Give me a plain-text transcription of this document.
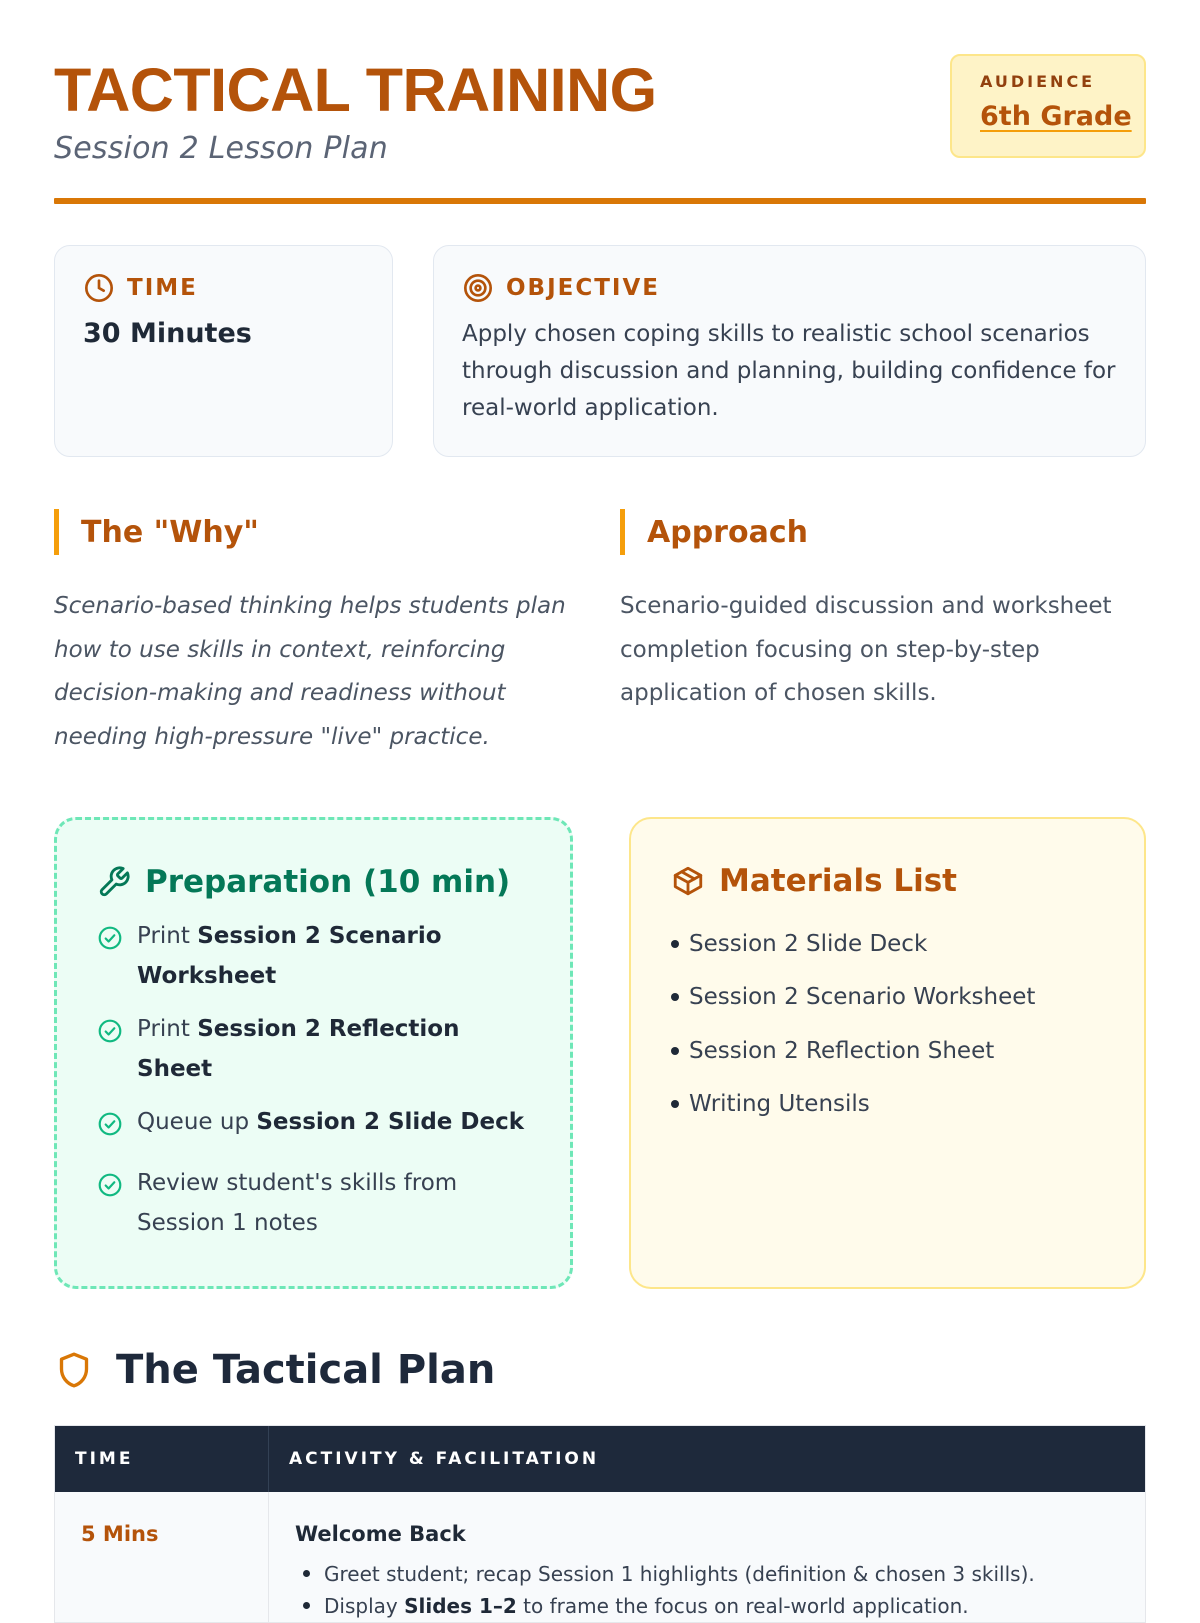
TACTICAL TRAINING
Session 2 Lesson Plan
AUDIENCE
6th Grade
TIME
30 Minutes
OBJECTIVE
Apply chosen coping skills to realistic school scenarios through discussion and planning, building confidence for real-world application.
The "Why"
Scenario-based thinking helps students plan how to use skills in context, reinforcing decision-making and readiness without needing high-pressure "live" practice.
Approach
Scenario-guided discussion and worksheet completion focusing on step-by-step application of chosen skills.
Preparation (10 min)
Print Session 2 Scenario Worksheet
Print Session 2 Reflection Sheet
Queue up Session 2 Slide Deck
Review student's skills from Session 1 notes
Materials List
Session 2 Slide Deck
Session 2 Scenario Worksheet
Session 2 Reflection Sheet
Writing Utensils
The Tactical Plan
TIME	ACTIVITY & FACILITATION
5 Mins	Welcome Back
Greet student; recap Session 1 highlights (definition & chosen 3 skills).
Display Slides 1–2 to frame the focus on real-world application.
